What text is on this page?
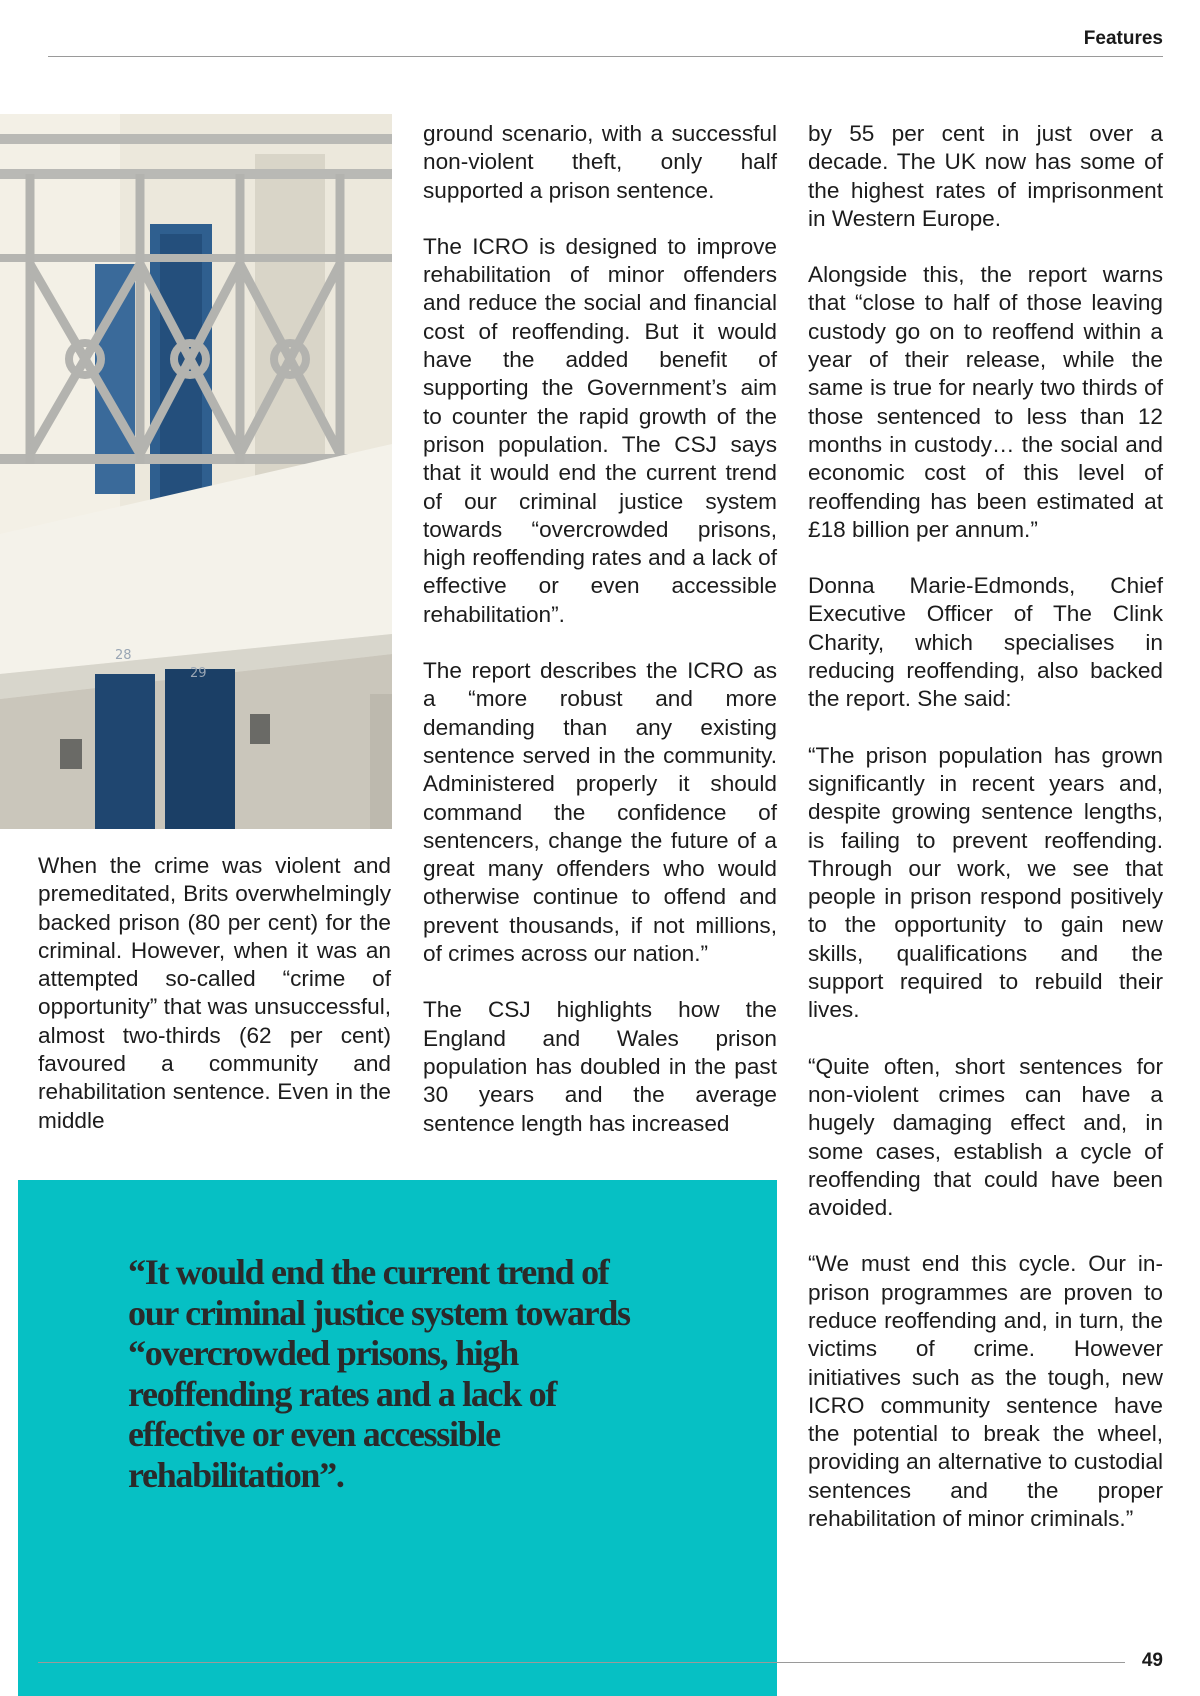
Features
28
29

When the crime was violent and premeditated, Brits overwhelmingly backed prison (80 per cent) for the criminal. However, when it was an attempted so-called “crime of opportunity” that was unsuccessful, almost two-thirds (62 per cent) favoured a community and rehabilitation sentence. Even in the middle

ground scenario, with a successful non-violent theft, only half supported a prison sentence.

The ICRO is designed to improve rehabilitation of minor offenders and reduce the social and financial cost of reoffending. But it would have the added benefit of supporting the Government’s aim to counter the rapid growth of the prison population. The CSJ says that it would end the current trend of our criminal justice system towards “overcrowded prisons, high reoffending rates and a lack of effective or even accessible rehabilitation”.

The report describes the ICRO as a “more robust and more demanding than any existing sentence served in the community. Administered properly it should command the confidence of sentencers, change the future of a great many offenders who would otherwise continue to offend and prevent thousands, if not millions, of crimes across our nation.”

The CSJ highlights how the England and Wales prison population has doubled in the past 30 years and the average sentence length has increased

by 55 per cent in just over a decade. The UK now has some of the highest rates of imprisonment in Western Europe.

Alongside this, the report warns that “close to half of those leaving custody go on to reoffend within a year of their release, while the same is true for nearly two thirds of those sentenced to less than 12 months in custody… the social and economic cost of this level of reoffending has been estimated at £18 billion per annum.”

Donna Marie-Edmonds, Chief Executive Officer of The Clink Charity, which specialises in reducing reoffending, also backed the report. She said:

“The prison population has grown significantly in recent years and, despite growing sentence lengths, is failing to prevent reoffending. Through our work, we see that people in prison respond positively to the opportunity to gain new skills, qualifications and the support required to rebuild their lives.

“Quite often, short sentences for non-violent crimes can have a hugely damaging effect and, in some cases, establish a cycle of reoffending that could have been avoided.

“We must end this cycle. Our in-prison programmes are proven to reduce reoffending and, in turn, the victims of crime. However initiatives such as the tough, new ICRO community sentence have the potential to break the wheel, providing an alternative to custodial sentences and the proper rehabilitation of minor criminals.”

“It would end the current trend of our criminal justice system towards “overcrowded prisons, high reoffending rates and a lack of effective or even accessible rehabilitation”.
49
